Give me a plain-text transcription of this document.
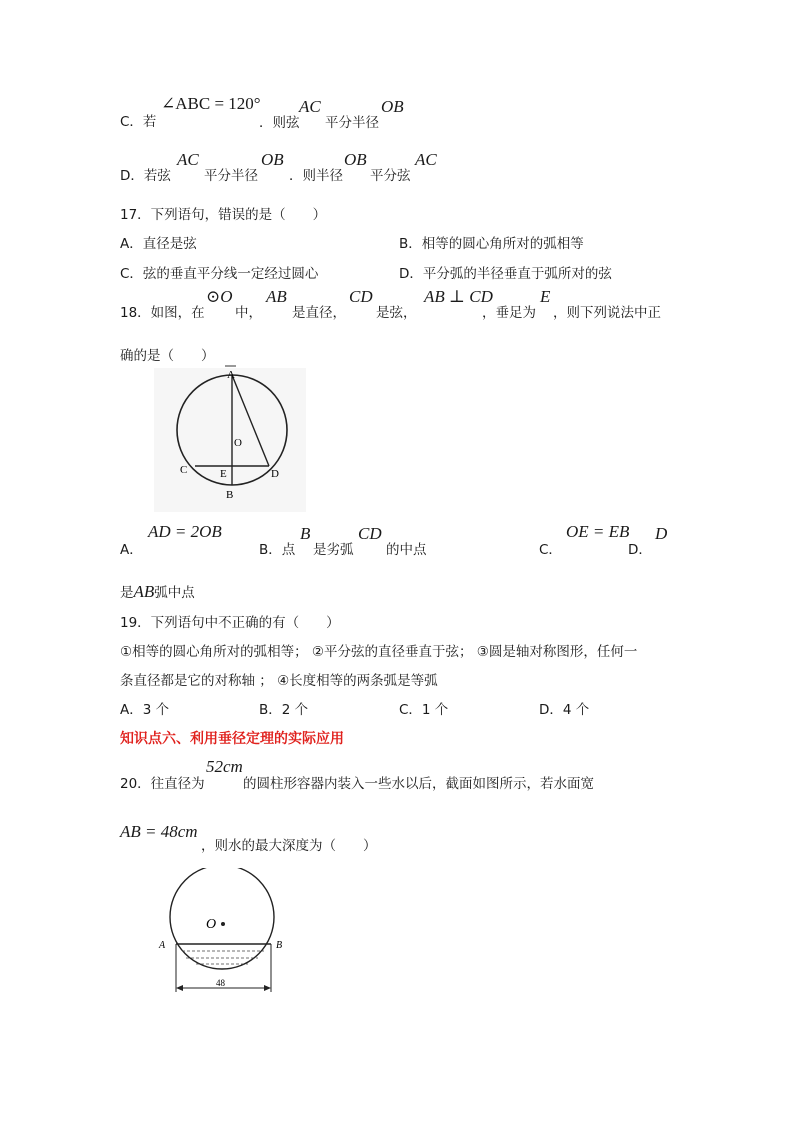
C．若
∠ABC = 120°
．则弦
AC
平分半径
OB
D．若弦
AC
平分半径
OB
．则半径
OB
平分弦
AC
17．下列语句，错误的是（　　）
A．直径是弦	B．相等的圆心角所对的弧相等
C．弦的垂直平分线一定经过圆心	D．平分弧的半径垂直于弧所对的弦
18．如图，在
⊙O
中，
AB
是直径，
CD
是弦，
AB ⊥ CD
，垂足为
E
，则下列说法中正
确的是（　　）
A
O
C	E	D
B
A．
AD = 2OB
B．点
B
是劣弧
CD
的中点	C．
OE = EB
D．
D
是AB弧中点
19．下列语句中不正确的有（　　）
①相等的圆心角所对的弧相等； ②平分弦的直径垂直于弦； ③圆是轴对称图形，任何一
条直径都是它的对称轴 ； ④长度相等的两条弧是等弧
A．3 个	B．2 个	C．1 个	D．4 个
知识点六、利用垂径定理的实际应用
20．往直径为
52cm
的圆柱形容器内装入一些水以后，截面如图所示，若水面宽
AB = 48cm
，则水的最大深度为（　　）
O
A	B
48
